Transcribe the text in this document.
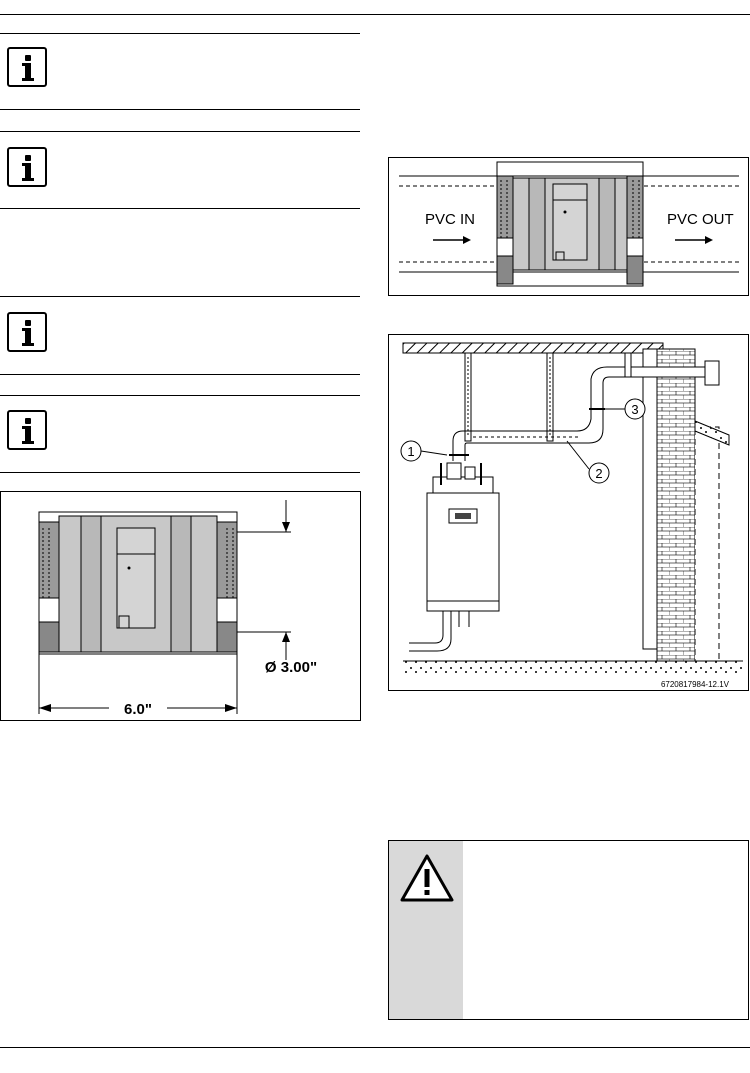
6.0"
Ø 3.00"
PVC IN	PVC OUT
1
2
3
6720817984-12.1V
